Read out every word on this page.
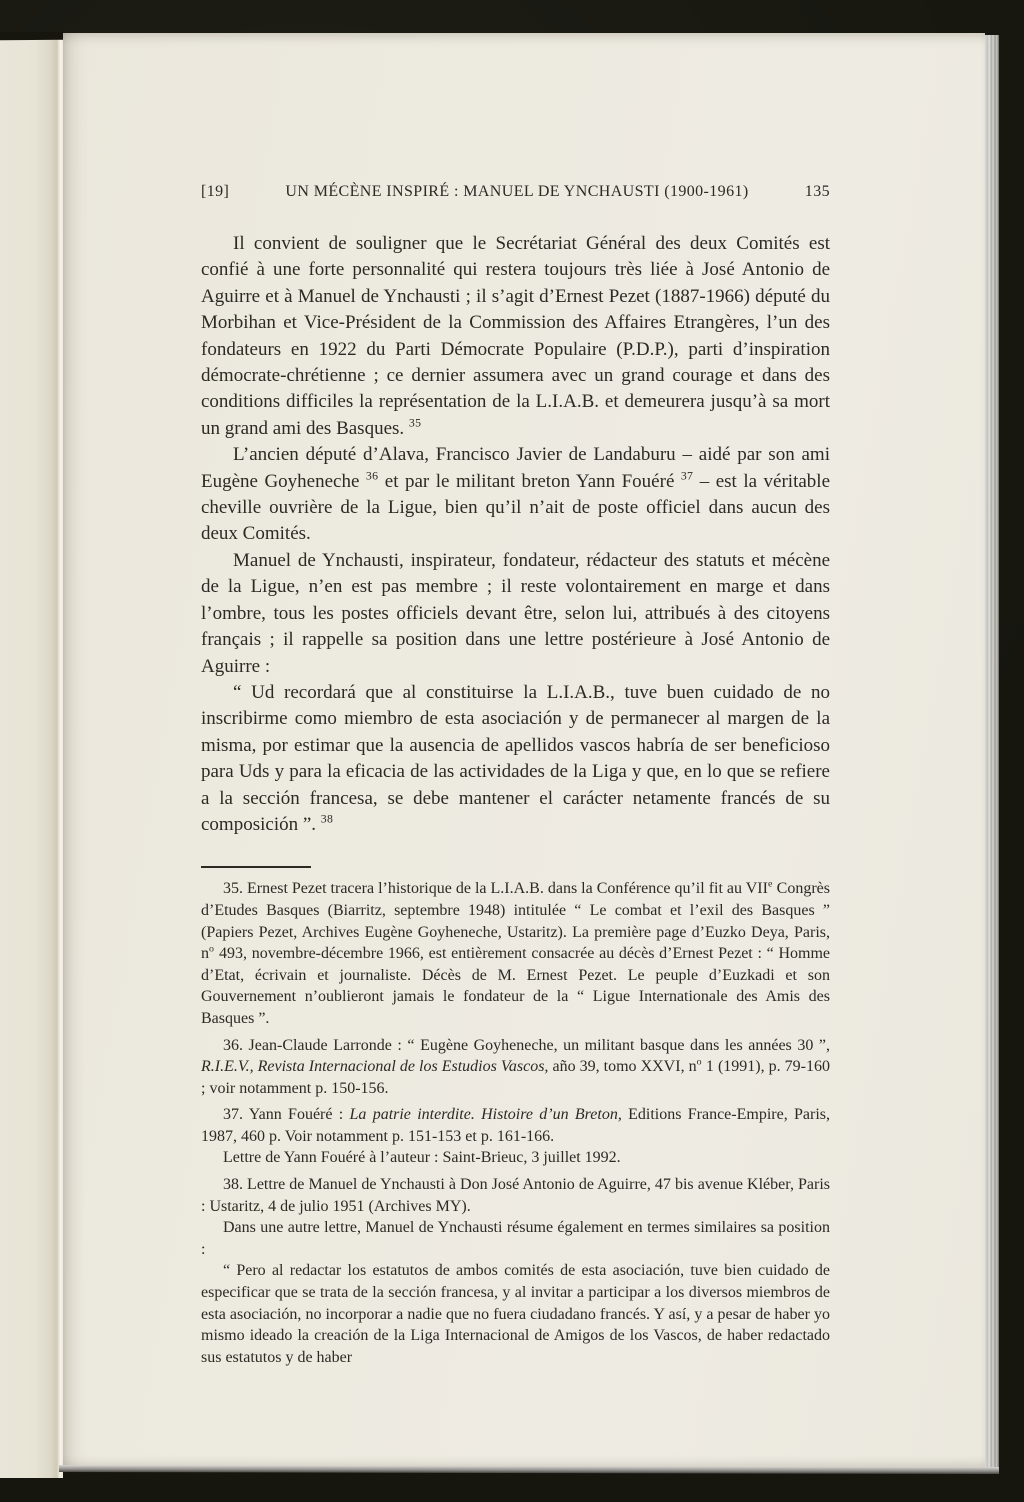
[19]	UN MÉCÈNE INSPIRÉ : MANUEL DE YNCHAUSTI (1900-1961)	135

Il convient de souligner que le Secrétariat Général des deux Comités est confié à une forte personnalité qui restera toujours très liée à José Antonio de Aguirre et à Manuel de Ynchausti ; il s’agit d’Ernest Pezet (1887-1966) député du Morbihan et Vice-Président de la Commission des Affaires Etrangères, l’un des fondateurs en 1922 du Parti Démocrate Populaire (P.D.P.), parti d’inspiration démocrate-chrétienne ; ce dernier assumera avec un grand courage et dans des conditions difficiles la représentation de la L.I.A.B. et demeurera jusqu’à sa mort un grand ami des Basques. $^{35}$

L’ancien député d’Alava, Francisco Javier de Landaburu – aidé par son ami Eugène Goyheneche $^{36}$ et par le militant breton Yann Fouéré $^{37}$ – est la véritable cheville ouvrière de la Ligue, bien qu’il n’ait de poste officiel dans aucun des deux Comités.

Manuel de Ynchausti, inspirateur, fondateur, rédacteur des statuts et mécène de la Ligue, n’en est pas membre ; il reste volontairement en marge et dans l’ombre, tous les postes officiels devant être, selon lui, attribués à des citoyens français ; il rappelle sa position dans une lettre postérieure à José Antonio de Aguirre :

“ Ud recordará que al constituirse la L.I.A.B., tuve buen cuidado de no inscribirme como miembro de esta asociación y de permanecer al margen de la misma, por estimar que la ausencia de apellidos vascos habría de ser beneficioso para Uds y para la eficacia de las actividades de la Liga y que, en lo que se refiere a la sección francesa, se debe mantener el carácter netamente francés de su composición ”. $^{38}$

35. Ernest Pezet tracera l’historique de la L.I.A.B. dans la Conférence qu’il fit au VIIe Congrès d’Etudes Basques (Biarritz, septembre 1948) intitulée “ Le combat et l’exil des Basques ” (Papiers Pezet, Archives Eugène Goyheneche, Ustaritz). La première page d’Euzko Deya, Paris, $n^o$ 493, novembre-décembre 1966, est entièrement consacrée au décès d’Ernest Pezet : “ Homme d’Etat, écrivain et journaliste. Décès de M. Ernest Pezet. Le peuple d’Euzkadi et son Gouvernement n’oublieront jamais le fondateur de la “ Ligue Internationale des Amis des Basques ”.

36. Jean-Claude Larronde : “ Eugène Goyheneche, un militant basque dans les années 30 ”, R.I.E.V., Revista Internacional de los Estudios Vascos, año 39, tomo XXVI, $n^o$ 1 (1991), p. 79-160 ; voir notamment p. 150-156.

37. Yann Fouéré : La patrie interdite. Histoire d’un Breton, Editions France-Empire, Paris, 1987, 460 p. Voir notamment p. 151-153 et p. 161-166.

Lettre de Yann Fouéré à l’auteur : Saint-Brieuc, 3 juillet 1992.

38. Lettre de Manuel de Ynchausti à Don José Antonio de Aguirre, 47 bis avenue Kléber, Paris : Ustaritz, 4 de julio 1951 (Archives MY).

Dans une autre lettre, Manuel de Ynchausti résume également en termes similaires sa position :

“ Pero al redactar los estatutos de ambos comités de esta asociación, tuve bien cuidado de especificar que se trata de la sección francesa, y al invitar a participar a los diversos miembros de esta asociación, no incorporar a nadie que no fuera ciudadano francés. Y así, y a pesar de haber yo mismo ideado la creación de la Liga Internacional de Amigos de los Vascos, de haber redactado sus estatutos y de haber
